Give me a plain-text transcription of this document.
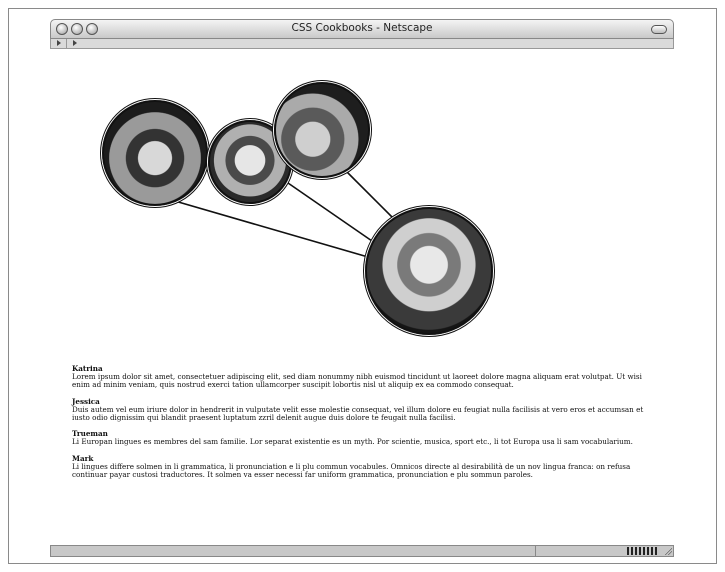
CSS Cookbooks - Netscape
Katrina
Lorem ipsum dolor sit amet, consectetuer adipiscing elit, sed diam nonummy nibh euismod tincidunt ut laoreet dolore magna aliquam erat volutpat. Ut wisi enim ad minim veniam, quis nostrud exerci tation ullamcorper suscipit lobortis nisl ut aliquip ex ea commodo consequat.
Jessica
Duis autem vel eum iriure dolor in hendrerit in vulputate velit esse molestie consequat, vel illum dolore eu feugiat nulla facilisis at vero eros et accumsan et iusto odio dignissim qui blandit praesent luptatum zzril delenit augue duis dolore te feugait nulla facilisi.
Trueman
Li Europan lingues es membres del sam familie. Lor separat existentie es un myth. Por scientie, musica, sport etc., li tot Europa usa li sam vocabularium.
Mark
Li lingues differe solmen in li grammatica, li pronunciation e li plu commun vocabules. Omnicos directe al desirabilità de un nov lingua franca: on refusa continuar payar custosi traductores. It solmen va esser necessi far uniform grammatica, pronunciation e plu sommun paroles.
